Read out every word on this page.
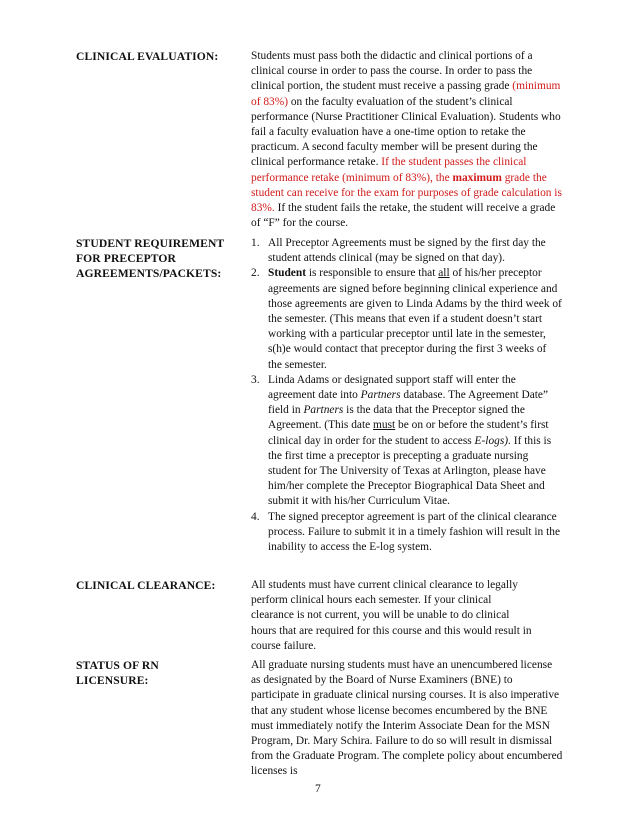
CLINICAL EVALUATION:	Students must pass both the didactic and clinical portions of a clinical course in order to pass the course. In order to pass the clinical portion, the student must receive a passing grade (minimum of 83%) on the faculty evaluation of the student’s clinical performance (Nurse Practitioner Clinical Evaluation). Students who fail a faculty evaluation have a one-time option to retake the practicum. A second faculty member will be present during the clinical performance retake. If the student passes the clinical performance retake (minimum of 83%), the maximum grade the student can receive for the exam for purposes of grade calculation is 83%. If the student fails the retake, the student will receive a grade of “F” for the course.

STUDENT REQUIREMENT FOR PRECEPTOR AGREEMENTS/PACKETS:
1. All Preceptor Agreements must be signed by the first day the student attends clinical (may be signed on that day).
2. Student is responsible to ensure that all of his/her preceptor agreements are signed before beginning clinical experience and those agreements are given to Linda Adams by the third week of the semester. (This means that even if a student doesn’t start working with a particular preceptor until late in the semester, s(h)e would contact that preceptor during the first 3 weeks of the semester.
3. Linda Adams or designated support staff will enter the agreement date into Partners database. The Agreement Date” field in Partners is the data that the Preceptor signed the Agreement. (This date must be on or before the student’s first clinical day in order for the student to access E-logs). If this is the first time a preceptor is precepting a graduate nursing student for The University of Texas at Arlington, please have him/her complete the Preceptor Biographical Data Sheet and submit it with his/her Curriculum Vitae.
4. The signed preceptor agreement is part of the clinical clearance process. Failure to submit it in a timely fashion will result in the inability to access the E-log system.
CLINICAL CLEARANCE:	All students must have current clinical clearance to legally perform clinical hours each semester. If your clinical clearance is not current, you will be unable to do clinical hours that are required for this course and this would result in course failure.

STATUS OF RN LICENSURE:

All graduate nursing students must have an unencumbered license as designated by the Board of Nurse Examiners (BNE) to participate in graduate clinical nursing courses. It is also imperative that any student whose license becomes encumbered by the BNE must immediately notify the Interim Associate Dean for the MSN Program, Dr. Mary Schira. Failure to do so will result in dismissal from the Graduate Program. The complete policy about encumbered licenses is

7
